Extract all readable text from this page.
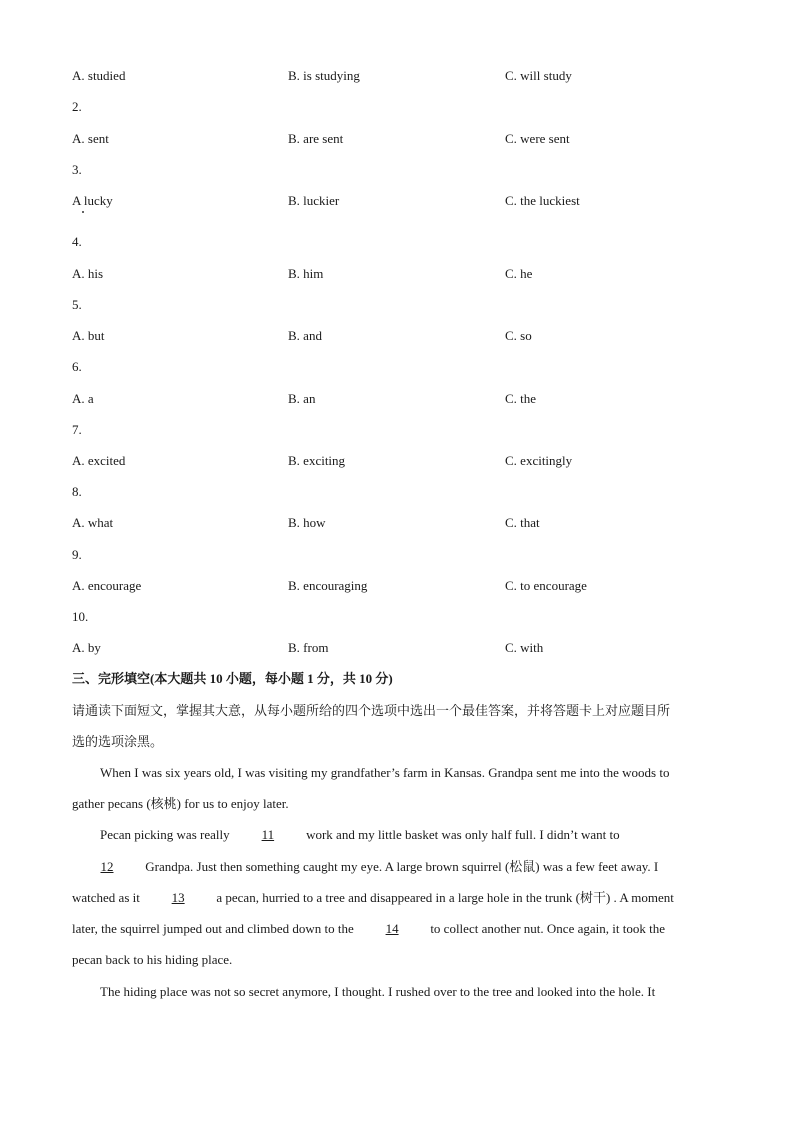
A. studied	B. is studying	C. will study
2.
A. sent	B. are sent	C. were sent
3.
A lucky	B. luckier	C. the luckiest
4.
A. his	B. him	C. he
5.
A. but	B. and	C. so
6.
A. a	B. an	C. the
7.
A. excited	B. exciting	C. excitingly
8.
A. what	B. how	C. that
9.
A. encourage	B. encouraging	C. to encourage
10.
A. by	B. from	C. with
三、完形填空(本大题共 10 小题，每小题 1 分，共 10 分)
请通读下面短文，掌握其大意，从每小题所给的四个选项中选出一个最佳答案，并将答题卡上对应题目所
选的选项涂黑。
When I was six years old, I was visiting my grandfather’s farm in Kansas. Grandpa sent me into the woods to
gather pecans (核桃) for us to enjoy later.
Pecan picking was really 11 work and my little basket was only half full. I didn’t want to
12 Grandpa. Just then something caught my eye. A large brown squirrel (松鼠) was a few feet away. I
watched as it 13 a pecan, hurried to a tree and disappeared in a large hole in the trunk (树干) . A moment
later, the squirrel jumped out and climbed down to the 14 to collect another nut. Once again, it took the
pecan back to his hiding place.
The hiding place was not so secret anymore, I thought. I rushed over to the tree and looked into the hole. It
